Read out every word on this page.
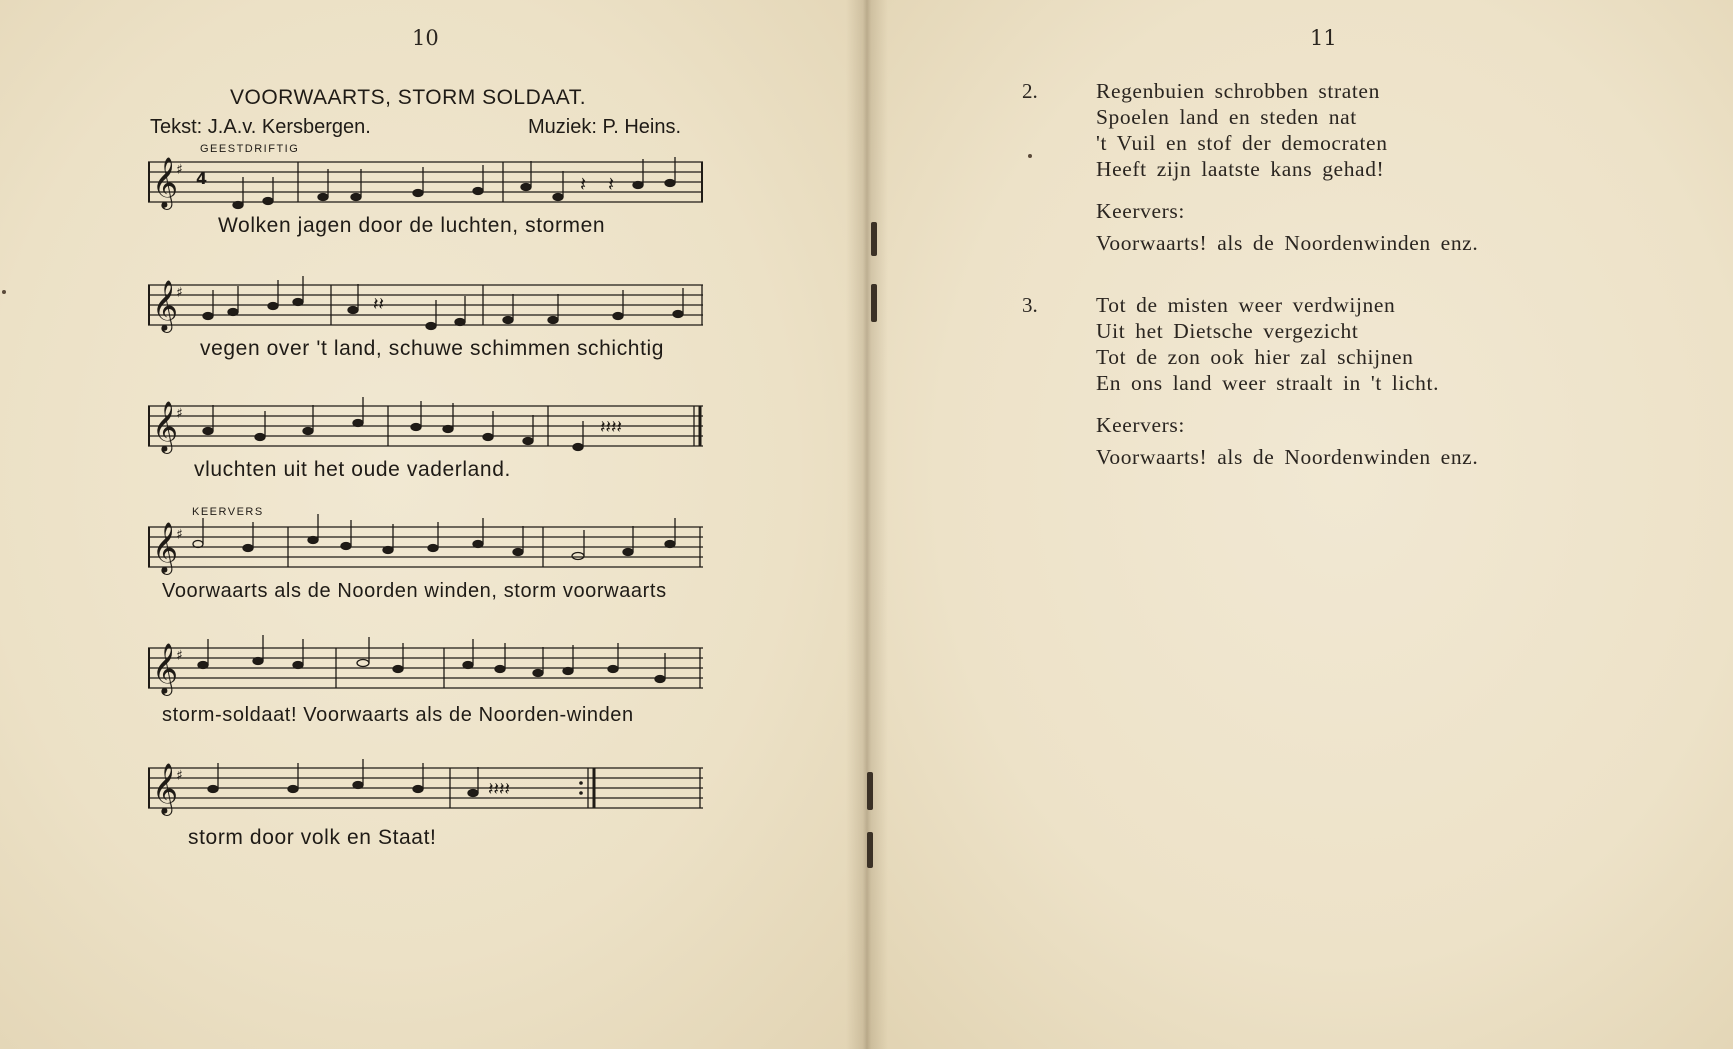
10
VOORWAARTS, STORM SOLDAAT.
Tekst: J.A.v. Kersbergen.	Muziek: P. Heins.
GEESTDRIFTIG
𝄞
♯ 4	𝄽 𝄽
Wolken jagen door de luchten, stormen
𝄞
♯
𝄽𝄽
vegen over 't land, schuwe schimmen schichtig
𝄞
♯
𝄽𝄽𝄽𝄽
vluchten uit het oude vaderland.
KEERVERS
𝄞
♯
Voorwaarts als de Noorden winden, storm voorwaarts
𝄞
♯
storm-soldaat! Voorwaarts als de Noorden-winden
𝄞
♯
𝄽𝄽𝄽𝄽
storm door volk en Staat!
11
2.	Regenbuien schrobben straten
Spoelen land en steden nat
't Vuil en stof der democraten
Heeft zijn laatste kans gehad!
Keervers:
Voorwaarts! als de Noordenwinden enz.
3.	Tot de misten weer verdwijnen
Uit het Dietsche vergezicht
Tot de zon ook hier zal schijnen
En ons land weer straalt in 't licht.
Keervers:
Voorwaarts! als de Noordenwinden enz.
